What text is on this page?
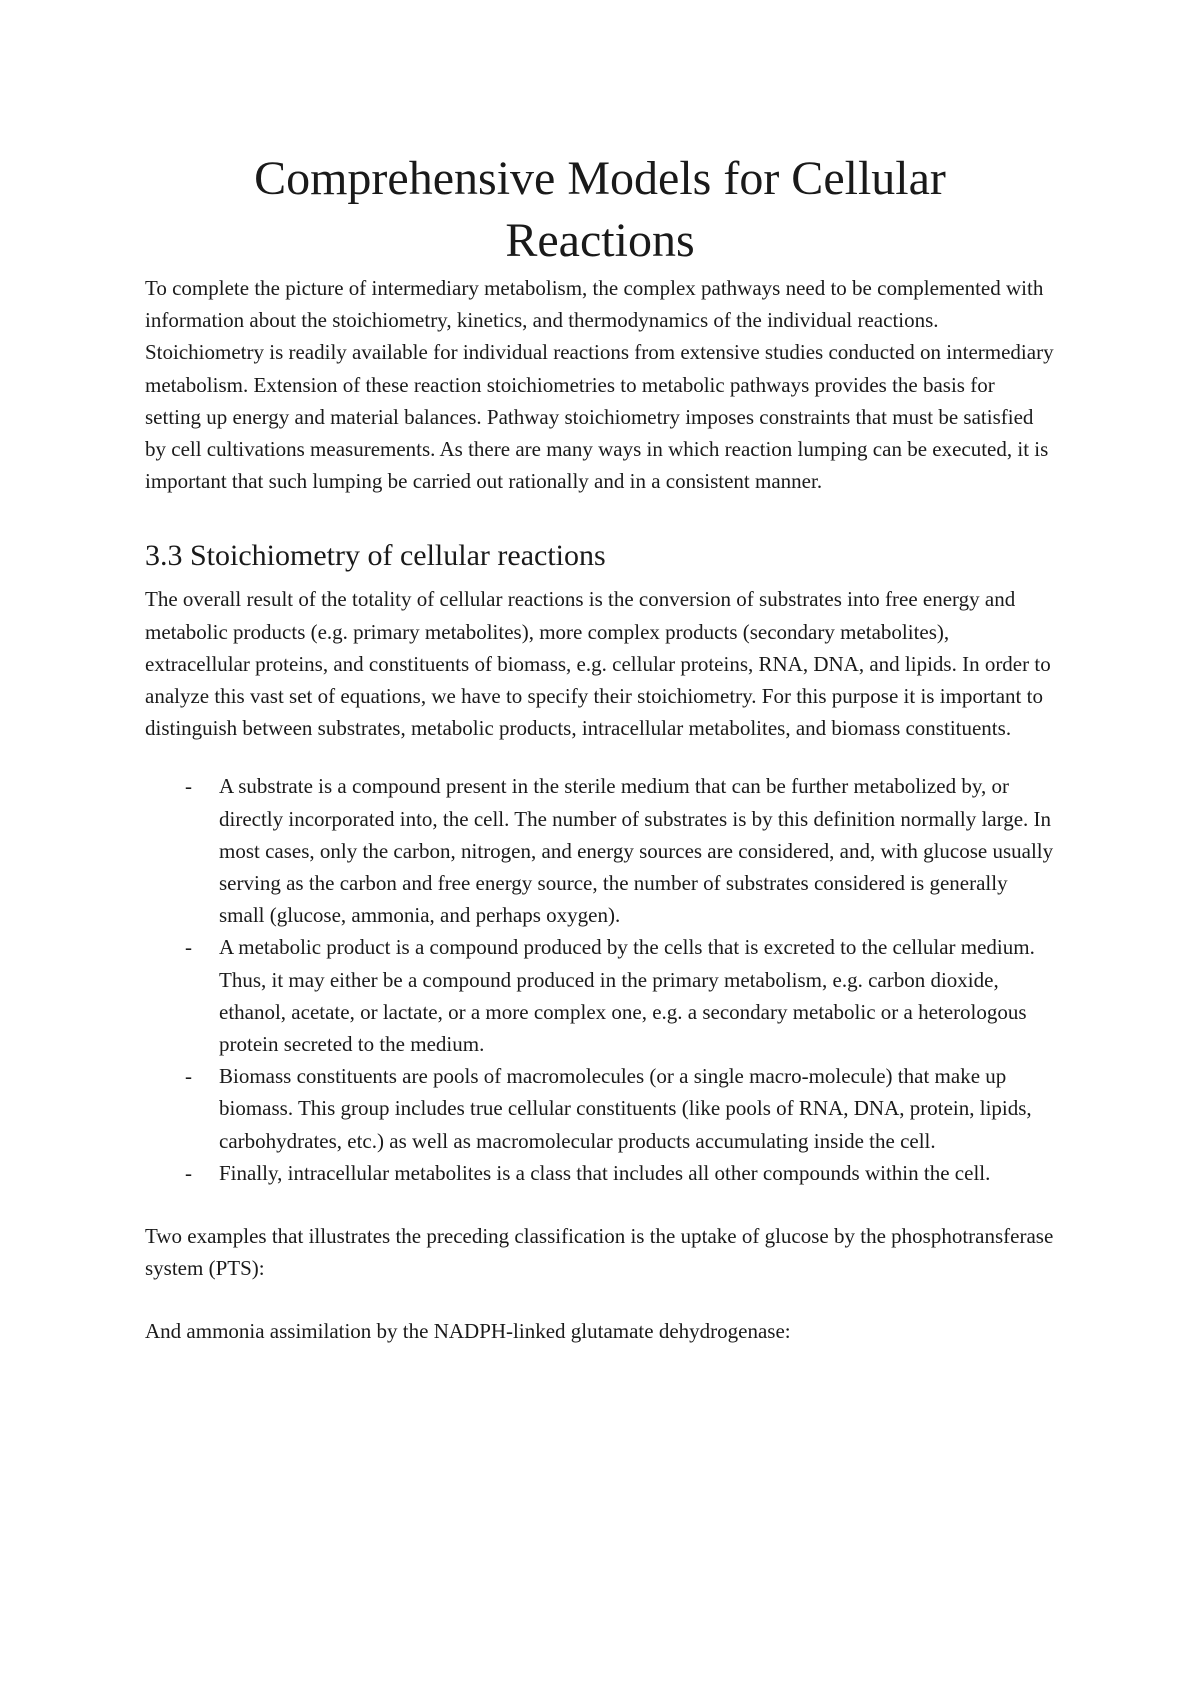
Comprehensive Models for Cellular Reactions

To complete the picture of intermediary metabolism, the complex pathways need to be complemented with information about the stoichiometry, kinetics, and thermodynamics of the individual reactions. Stoichiometry is readily available for individual reactions from extensive studies conducted on intermediary metabolism. Extension of these reaction stoichiometries to metabolic pathways provides the basis for setting up energy and material balances. Pathway stoichiometry imposes constraints that must be satisfied by cell cultivations measurements. As there are many ways in which reaction lumping can be executed, it is important that such lumping be carried out rationally and in a consistent manner.

3.3 Stoichiometry of cellular reactions

The overall result of the totality of cellular reactions is the conversion of substrates into free energy and metabolic products (e.g. primary metabolites), more complex products (secondary metabolites), extracellular proteins, and constituents of biomass, e.g. cellular proteins, RNA, DNA, and lipids. In order to analyze this vast set of equations, we have to specify their stoichiometry. For this purpose it is important to distinguish between substrates, metabolic products, intracellular metabolites, and biomass constituents.

- A substrate is a compound present in the sterile medium that can be further metabolized by, or directly incorporated into, the cell. The number of substrates is by this definition normally large. In most cases, only the carbon, nitrogen, and energy sources are considered, and, with glucose usually serving as the carbon and free energy source, the number of substrates considered is generally small (glucose, ammonia, and perhaps oxygen).
- A metabolic product is a compound produced by the cells that is excreted to the cellular medium. Thus, it may either be a compound produced in the primary metabolism, e.g. carbon dioxide, ethanol, acetate, or lactate, or a more complex one, e.g. a secondary metabolic or a heterologous protein secreted to the medium.
- Biomass constituents are pools of macromolecules (or a single macro-molecule) that make up biomass. This group includes true cellular constituents (like pools of RNA, DNA, protein, lipids, carbohydrates, etc.) as well as macromolecular products accumulating inside the cell.
- Finally, intracellular metabolites is a class that includes all other compounds within the cell.

Two examples that illustrates the preceding classification is the uptake of glucose by the phosphotransferase system (PTS):

And ammonia assimilation by the NADPH-linked glutamate dehydrogenase:
